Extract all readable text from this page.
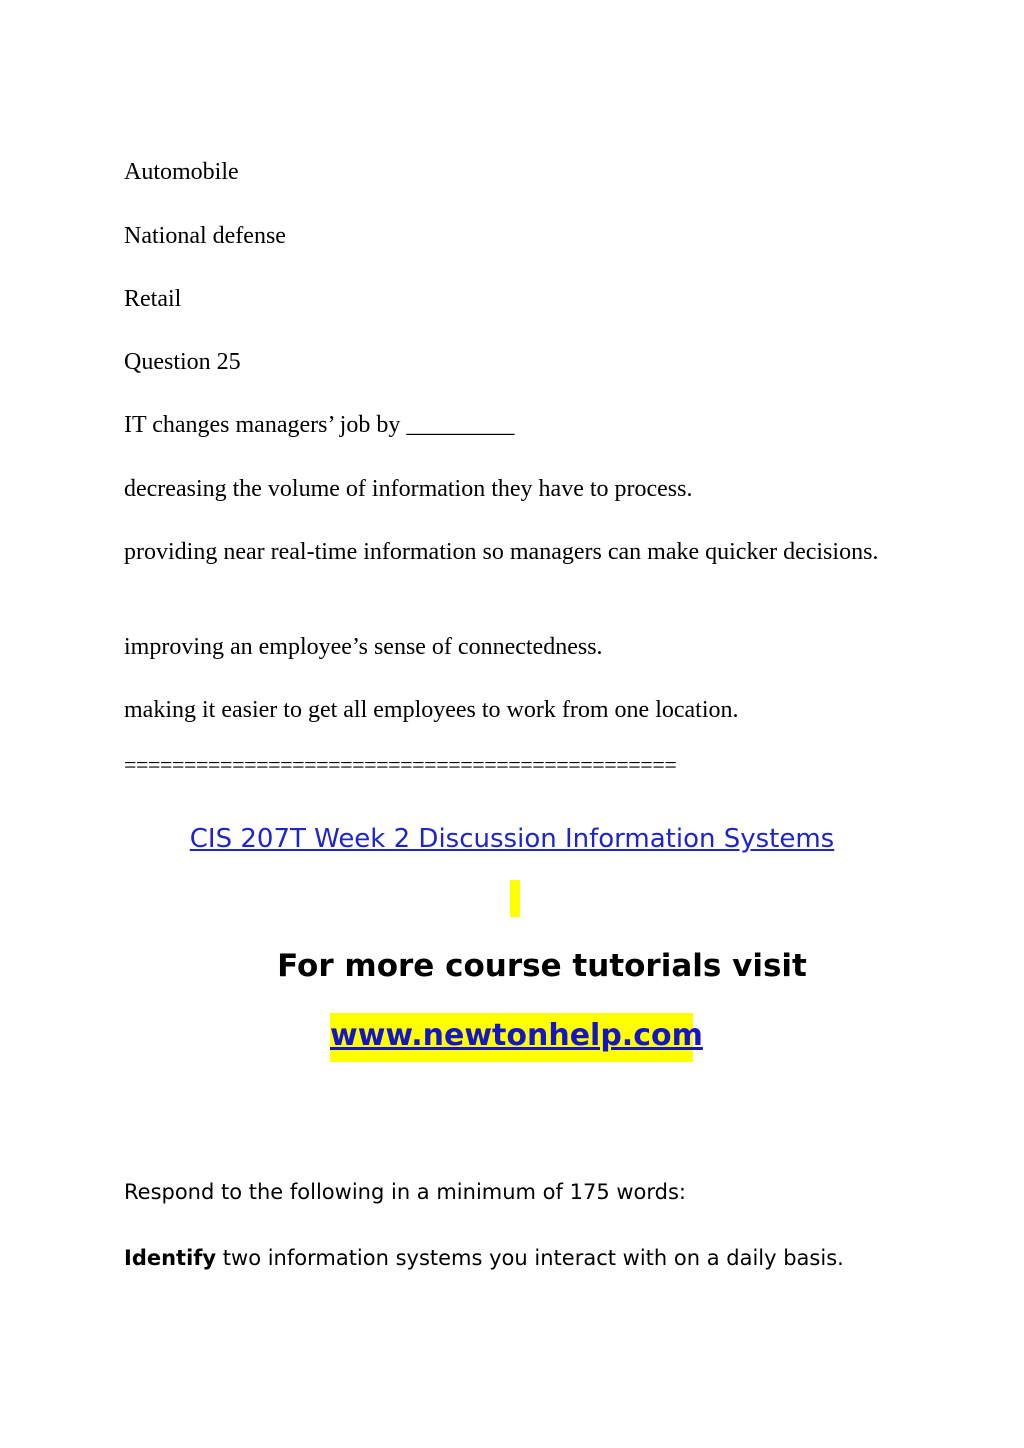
Automobile

National defense

Retail

Question 25

IT changes managers’ job by _________

decreasing the volume of information they have to process.

providing near real-time information so managers can make quicker decisions.

improving an employee’s sense of connectedness.

making it easier to get all employees to work from one location.

==============================================

CIS 207T Week 2 Discussion Information Systems

For more course tutorials visit

www.newtonhelp.com

Respond to the following in a minimum of 175 words:

Identify two information systems you interact with on a daily basis.
